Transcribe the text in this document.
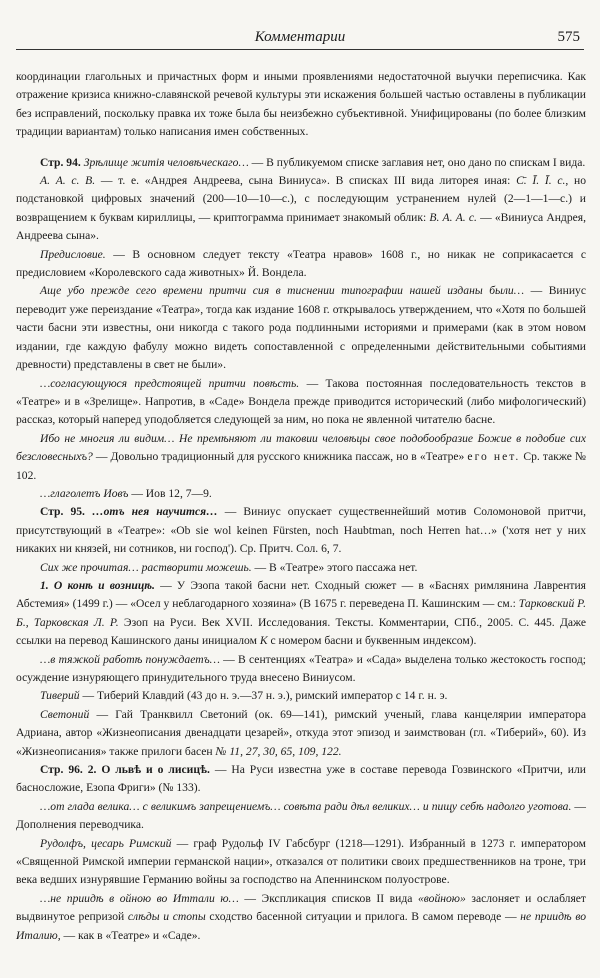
Комментарии	575

координации глагольных и причастных форм и иными проявлениями недостаточной выучки переписчика. Как отражение кризиса книжно-славянской речевой культуры эти искажения большей частью оставлены в публикации без исправлений, поскольку правка их тоже была бы неизбежно субъективной. Унифицированы (по более близким традиции вариантам) только написания имен собственных.

Стр. 94. Зрѣлище житія человѣческаго… — В публикуемом списке заглавия нет, оно дано по спискам I вида.

А. А. с. В. — т. е. «Андрея Андреева, сына Виниуса». В списках III вида литорея иная: С̄. Ī. Ī. с., но подстановкой цифровых значений (200—10—10—с.), с последующим устранением нулей (2—1—1—с.) и возвращением к буквам кириллицы, — криптограмма принимает знакомый облик: В. А. А. с. — «Виниуса Андрея, Андреева сына».

Предисловие. — В основном следует тексту «Театра нравов» 1608 г., но никак не соприкасается с предисловием «Королевского сада животных» Й. Вондела.

Аще убо прежде сего времени притчи сия в тиснении типографии нашей изданы были… — Виниус переводит уже переиздание «Театра», тогда как издание 1608 г. открывалось утверждением, что «Хотя по большей части басни эти известны, они никогда с такого рода подлинными историями и примерами (как в этом новом издании, где каждую фабулу можно видеть сопоставленной с определенными действительными событиями древности) представлены в свет не были».

…согласующуюся предстоящей притчи повѣсть. — Такова постоянная последовательность текстов в «Театре» и в «Зрелище». Напротив, в «Саде» Вондела прежде приводится исторический (либо мифологический) рассказ, который наперед уподобляется следующей за ним, но пока не явленной читателю басне.

Ибо не многия ли видим… Не премѣняют ли таковии человѣцы свое подобообразие Божие в подобие сих безсловесныхъ? — Довольно традиционный для русского книжника пассаж, но в «Театре» его нет. Ср. также № 102.

…глаголетъ Иовъ — Иов 12, 7—9.

Стр. 95. …отъ нея научится… — Виниус опускает существеннейший мотив Соломоновой притчи, присутствующий в «Театре»: «Ob sie wol keinen Fürsten, noch Haubtman, noch Herren hat…» ('хотя нет у них никаких ни князей, ни сотников, ни господ'). Ср. Притч. Сол. 6, 7.

Сих же прочитая… растворити можешь. — В «Театре» этого пассажа нет.

1. О конѣ и возницѣ. — У Эзопа такой басни нет. Сходный сюжет — в «Баснях римлянина Лаврентия Абстемия» (1499 г.) — «Осел у неблагодарного хозяина» (В 1675 г. переведена П. Кашинским — см.: Тарковский Р. Б., Тарковская Л. Р. Эзоп на Руси. Век XVII. Исследования. Тексты. Комментарии, СПб., 2005. С. 445. Даже ссылки на перевод Кашинского даны инициалом К с номером басни и буквенным индексом).

…в тяжкой работѣ понуждаетъ… — В сентенциях «Театра» и «Сада» выделена только жестокость господ; осуждение изнуряющего принудительного труда внесено Виниусом.

Тиверий — Тиберий Клавдий (43 до н. э.—37 н. э.), римский император с 14 г. н. э.

Светоний — Гай Транквилл Светоний (ок. 69—141), римский ученый, глава канцелярии императора Адриана, автор «Жизнеописания двенадцати цезарей», откуда этот эпизод и заимствован (гл. «Тиберий», 60). Из «Жизнеописания» также прилоги басен № 11, 27, 30, 65, 109, 122.

Стр. 96. 2. О львѣ и о лисицѣ. — На Руси известна уже в составе перевода Гозвинского «Притчи, или басносложие, Езопа Фриги» (№ 133).

…от глада велика… с великимъ запрещениемъ… совѣта ради дѣл великих… и пищу себѣ надолго уготова. — Дополнения переводчика.

Рудолфъ, цесарь Римский — граф Рудольф IV Габсбург (1218—1291). Избранный в 1273 г. императором «Священной Римской империи германской нации», отказался от политики своих предшественников на троне, три века ведших изнурявшие Германию войны за господство на Апеннинском полуострове.

…не приидѣ в ойною во Иттали ю… — Экспликация списков II вида «войною» заслоняет и ослабляет выдвинутое репризой слѣды и стопы сходство басенной ситуации и прилога. В самом переводе — не приидѣ во Италию, — как в «Театре» и «Саде».
